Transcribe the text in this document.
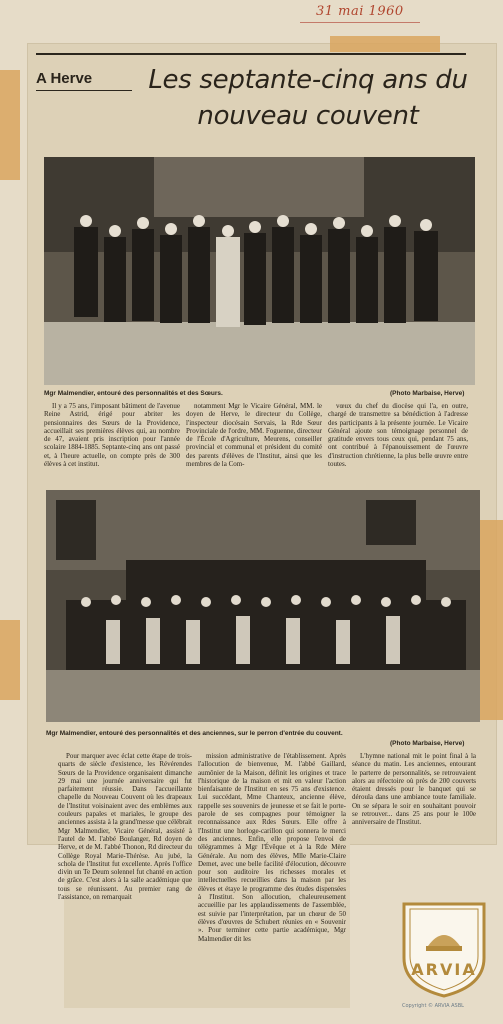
31 mai 1960
A Herve Les septante-cinq ans du nouveau couvent
Mgr Malmendier, entouré des personnalités et des Sœurs.	(Photo Marbaise, Herve)

Il y a 75 ans, l'imposant bâtiment de l'avenue Reine Astrid, érigé pour abriter les pensionnaires des Sœurs de la Providence, accueillait ses premières élèves qui, au nombre de 47, avaient pris inscription pour l'année scolaire 1884-1885. Septante-cinq ans ont passé et, à l'heure actuelle, on compte près de 300 élèves à cet institut.

notamment Mgr le Vicaire Général, MM. le doyen de Herve, le directeur du Collège, l'inspecteur diocésain Servais, la Rde Sœur Provinciale de l'ordre, MM. Foguenne, directeur de l'École d'Agriculture, Meurens, conseiller provincial et communal et président du comité des parents d'élèves de l'Institut, ainsi que les membres de la Com-

vœux du chef du diocèse qui l'a, en outre, chargé de transmettre sa bénédiction à l'adresse des participants à la présente journée. Le Vicaire Général ajoute son témoignage personnel de gratitude envers tous ceux qui, pendant 75 ans, ont contribué à l'épanouissement de l'œuvre d'instruction chrétienne, la plus belle œuvre entre toutes.

Mgr Malmendier, entouré des personnalités et des anciennes, sur le perron d'entrée du couvent.
(Photo Marbaise, Herve)

Pour marquer avec éclat cette étape de trois-quarts de siècle d'existence, les Révérendes Sœurs de la Providence organisaient dimanche 29 mai une journée anniversaire qui fut parfaitement réussie. Dans l'accueillante chapelle du Nouveau Couvent où les drapeaux de l'Institut voisinaient avec des emblèmes aux couleurs papales et mariales, le groupe des anciennes assista à la grand'messe que célébrait Mgr Malmendier, Vicaire Général, assisté à l'autel de M. l'abbé Boulanger, Rd doyen de Herve, et de M. l'abbé Thonon, Rd directeur du Collège Royal Marie-Thérèse. Au jubé, la schola de l'Institut fut excellente. Après l'office divin un Te Deum solennel fut chanté en action de grâce. C'est alors à la salle académique que tous se réunissent. Au premier rang de l'assistance, on remarquait

mission administrative de l'établissement. Après l'allocution de bienvenue, M. l'abbé Gaillard, aumônier de la Maison, définit les origines et trace l'historique de la maison et mit en valeur l'action bienfaisante de l'Institut en ses 75 ans d'existence. Lui succédant, Mme Chanteux, ancienne élève, rappelle ses souvenirs de jeunesse et se fait le porte-parole de ses compagnes pour témoigner la reconnaissance aux Rdes Sœurs. Elle offre à l'Institut une horloge-carillon qui sonnera le merci des anciennes. Enfin, elle propose l'envoi de télégrammes à Mgr l'Évêque et à la Rde Mère Générale. Au nom des élèves, Mlle Marie-Claire Demet, avec une belle facilité d'élocution, découvre pour son auditoire les richesses morales et intellectuelles recueillies dans la maison par les élèves et étaye le programme des études dispensées à l'Institut. Son allocution, chaleureusement accueillie par les applaudissements de l'assemblée, est suivie par l'interprétation, par un chœur de 50 élèves d'œuvres de Schubert réunies en « Souvenir ». Pour terminer cette partie académique, Mgr Malmendier dit les

L'hymne national mit le point final à la séance du matin. Les anciennes, entourant le parterre de personnalités, se retrouvaient alors au réfectoire où près de 200 couverts étaient dressés pour le banquet qui se déroula dans une ambiance toute familiale. On se sépara le soir en souhaitant pouvoir se retrouver... dans 25 ans pour le 100e anniversaire de l'Institut.

ARVIA
Copyright © ARVIA ASBL
